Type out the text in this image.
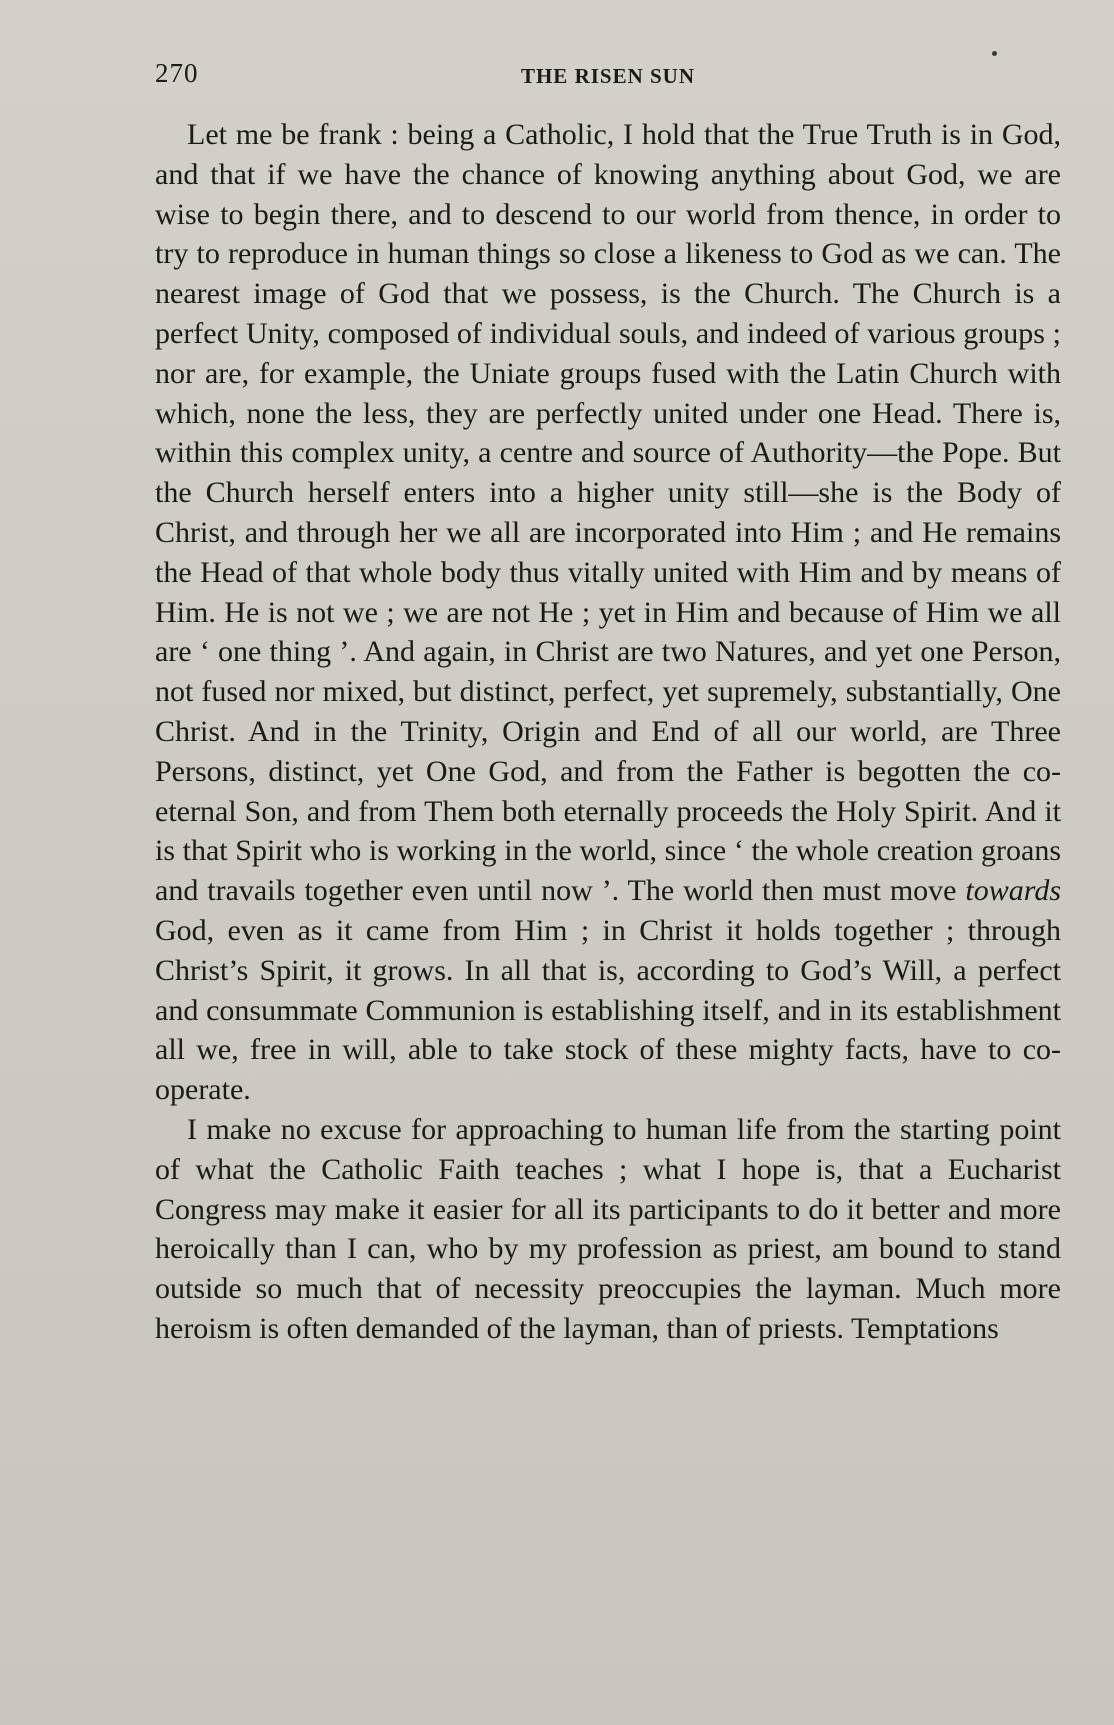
270	THE RISEN SUN

Let me be frank : being a Catholic, I hold that the True Truth is in God, and that if we have the chance of knowing anything about God, we are wise to begin there, and to descend to our world from thence, in order to try to reproduce in human things so close a likeness to God as we can. The nearest image of God that we possess, is the Church. The Church is a perfect Unity, composed of individual souls, and indeed of various groups ; nor are, for example, the Uniate groups fused with the Latin Church with which, none the less, they are perfectly united under one Head. There is, within this complex unity, a centre and source of Authority—the Pope. But the Church herself enters into a higher unity still—she is the Body of Christ, and through her we all are incorporated into Him ; and He remains the Head of that whole body thus vitally united with Him and by means of Him. He is not we ; we are not He ; yet in Him and because of Him we all are ‘ one thing ’. And again, in Christ are two Natures, and yet one Person, not fused nor mixed, but distinct, perfect, yet supremely, substantially, One Christ. And in the Trinity, Origin and End of all our world, are Three Persons, distinct, yet One God, and from the Father is begotten the co-eternal Son, and from Them both eternally proceeds the Holy Spirit. And it is that Spirit who is working in the world, since ‘ the whole creation groans and travails together even until now ’. The world then must move towards God, even as it came from Him ; in Christ it holds together ; through Christ’s Spirit, it grows. In all that is, according to God’s Will, a perfect and consummate Communion is establishing itself, and in its establishment all we, free in will, able to take stock of these mighty facts, have to co-operate.

I make no excuse for approaching to human life from the starting point of what the Catholic Faith teaches ; what I hope is, that a Eucharist Congress may make it easier for all its participants to do it better and more heroically than I can, who by my profession as priest, am bound to stand outside so much that of necessity preoccupies the layman. Much more heroism is often demanded of the layman, than of priests. Temptations
